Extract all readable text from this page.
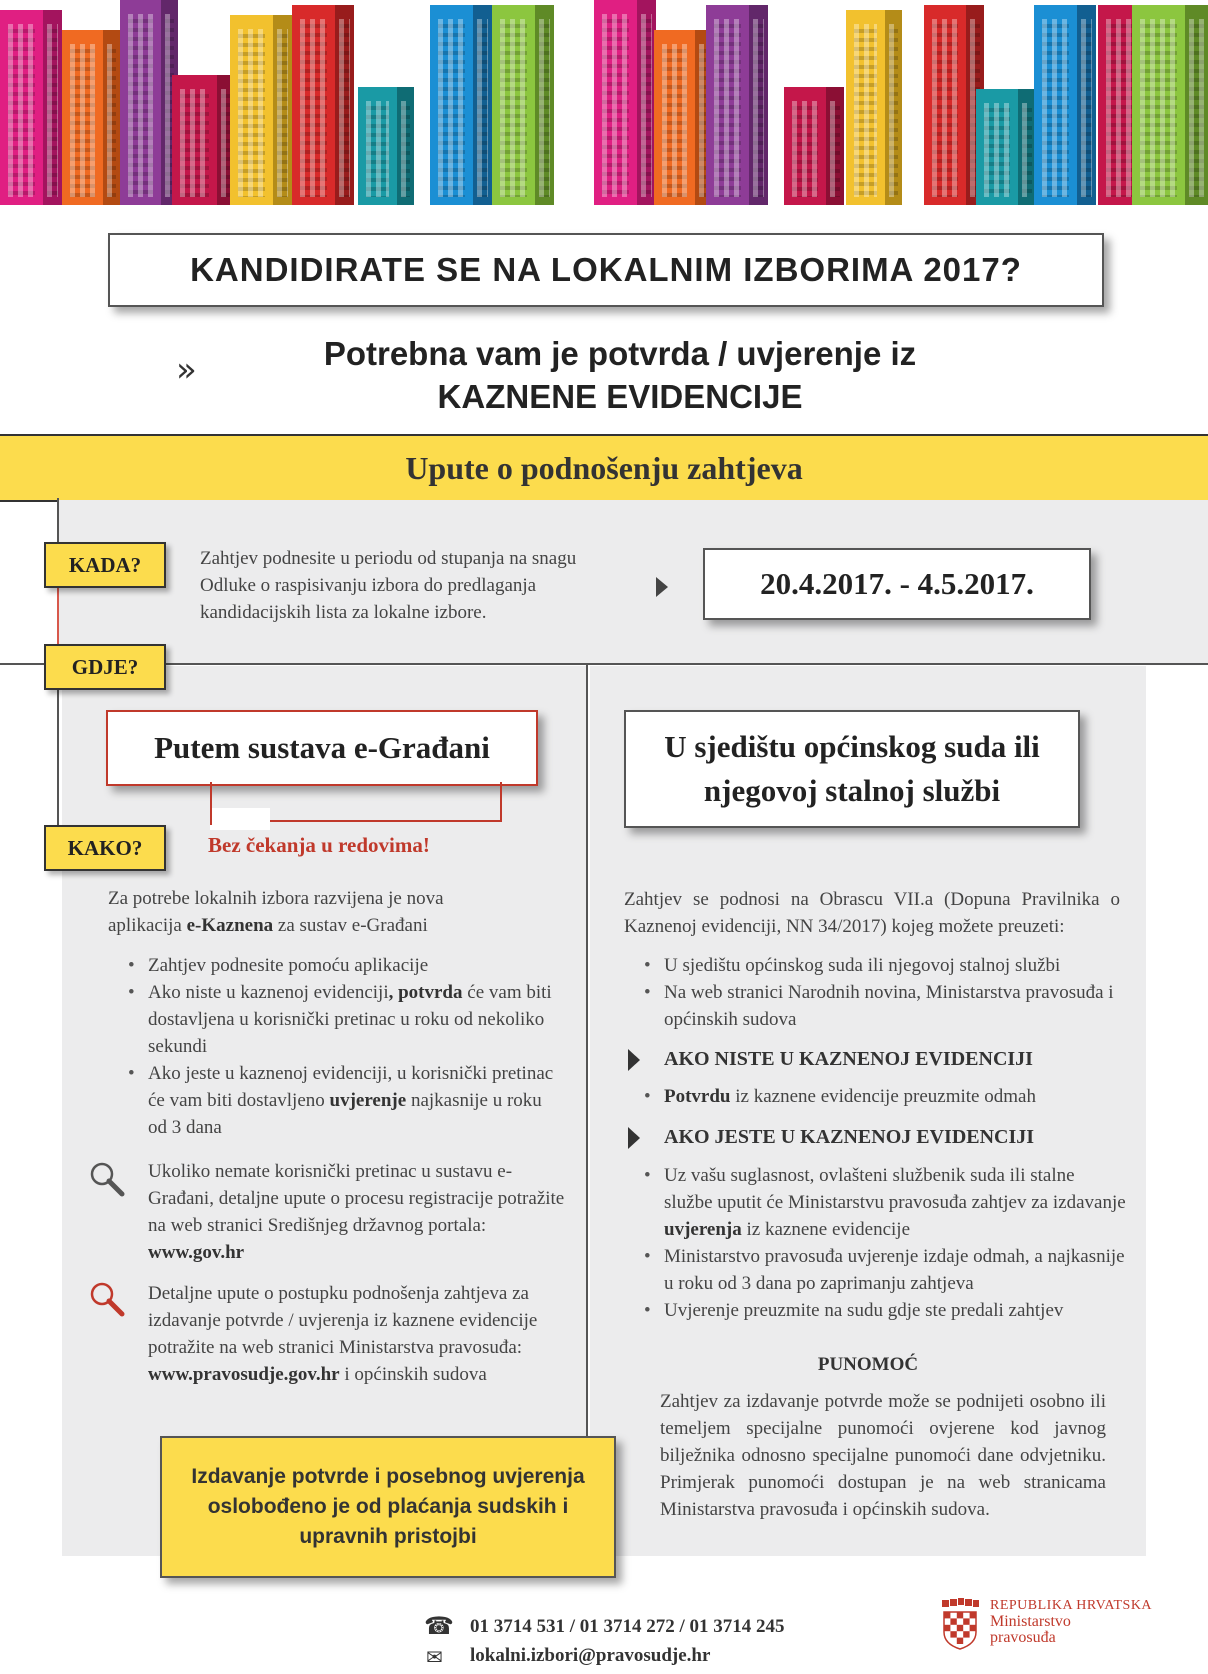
KANDIDIRATE SE NA LOKALNIM IZBORIMA 2017?
»	Potrebna vam je potvrda / uvjerenje iz
KAZNENE EVIDENCIJE
Upute o podnošenju zahtjeva
KADA?	Zahtjev podnesite u periodu od stupanja na snagu
Odluke o raspisivanju izbora do predlaganja
kandidacijskih lista za lokalne izbore.
20.4.2017. - 4.5.2017.
GDJE?
Putem sustava e-Građani
KAKO?	Bez čekanja u redovima!
Za potrebe lokalnih izbora razvijena je nova
aplikacija e-Kaznena za sustav e-Građani
• Zahtjev podnesite pomoću aplikacije
• Ako niste u kaznenoj evidenciji, potvrda će vam biti dostavljena u korisnički pretinac u roku od nekoliko sekundi
• Ako jeste u kaznenoj evidenciji, u korisnički pretinac će vam biti dostavljeno uvjerenje najkasnije u roku od 3 dana
Ukoliko nemate korisnički pretinac u sustavu e-Građani, detaljne upute o procesu registracije potražite na web stranici Središnjeg državnog portala: www.gov.hr
Detaljne upute o postupku podnošenja zahtjeva za izdavanje potvrde / uvjerenja iz kaznene evidencije potražite na web stranici Ministarstva pravosuđa: www.pravosudje.gov.hr i općinskih sudova
Izdavanje potvrde i posebnog uvjerenja oslobođeno je od plaćanja sudskih i upravnih pristojbi
U sjedištu općinskog suda ili njegovoj stalnoj službi
Zahtjev se podnosi na Obrascu VII.a (Dopuna Pravilnika o Kaznenoj evidenciji, NN 34/2017) kojeg možete preuzeti:
• U sjedištu općinskog suda ili njegovoj stalnoj službi
• Na web stranici Narodnih novina, Ministarstva pravosuđa i općinskih sudova
AKO NISTE U KAZNENOJ EVIDENCIJI
• Potvrdu iz kaznene evidencije preuzmite odmah
AKO JESTE U KAZNENOJ EVIDENCIJI
• Uz vašu suglasnost, ovlašteni službenik suda ili stalne službe uputit će Ministarstvu pravosuđa zahtjev za izdavanje uvjerenja iz kaznene evidencije
• Ministarstvo pravosuđa uvjerenje izdaje odmah, a najkasnije u roku od 3 dana po zaprimanju zahtjeva
• Uvjerenje preuzmite na sudu gdje ste predali zahtjev
PUNOMOĆ
Zahtjev za izdavanje potvrde može se podnijeti osobno ili temeljem specijalne punomoći ovjerene kod javnog bilježnika odnosno specijalne punomoći dane odvjetniku. Primjerak punomoći dostupan je na web stranicama Ministarstva pravosuđa i općinskih sudova.
☎ 01 3714 531 / 01 3714 272 / 01 3714 245
✉ lokalni.izbori@pravosudje.hr
REPUBLIKA HRVATSKA
Ministarstvo
pravosuđa
